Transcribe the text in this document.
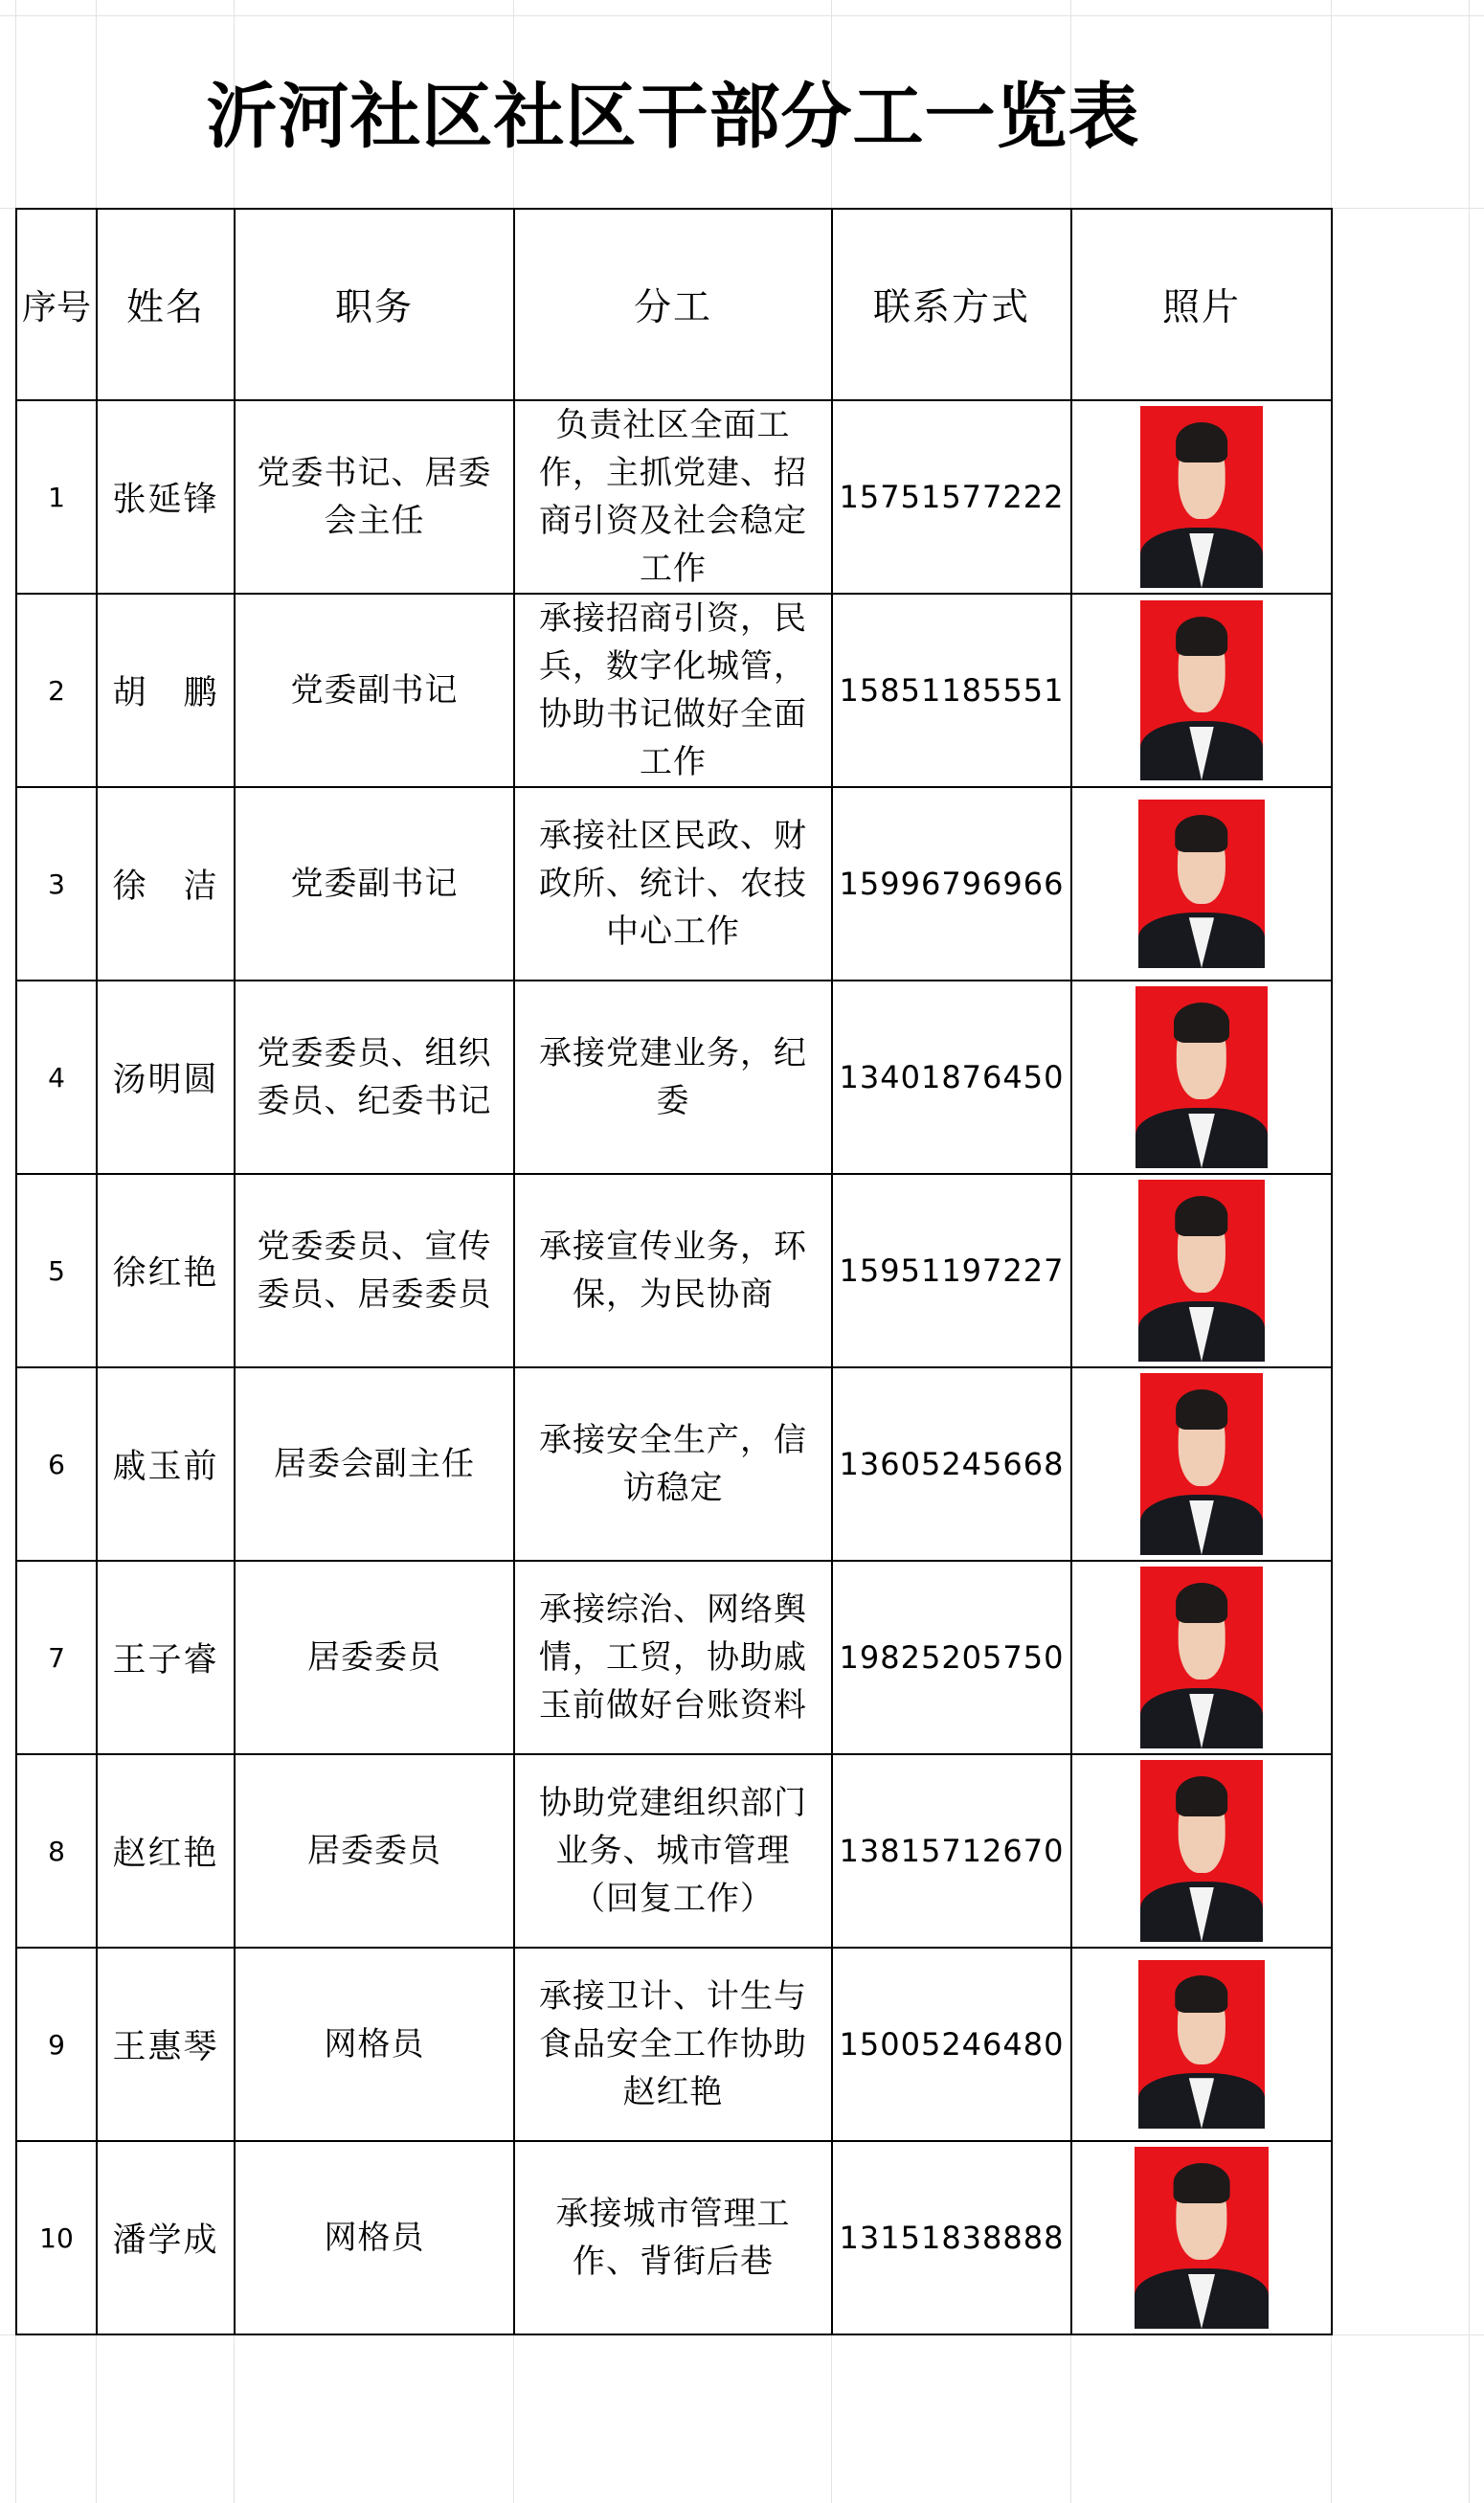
沂河社区社区干部分工一览表
序号	姓名	职务	分工	联系方式	照片
1	张延锋	党委书记、居委会主任	负责社区全面工作，主抓党建、招商引资及社会稳定工作	15751577222	

2	胡　鹏	党委副书记	承接招商引资，民兵，数字化城管，协助书记做好全面工作	15851185551	

3	徐　洁	党委副书记	承接社区民政、财政所、统计、农技中心工作	15996796966	

4	汤明圆	党委委员、组织委员、纪委书记	承接党建业务，纪委	13401876450	

5	徐红艳	党委委员、宣传委员、居委委员	承接宣传业务，环保，为民协商	15951197227	

6	戚玉前	居委会副主任	承接安全生产，信访稳定	13605245668	

7	王子睿	居委委员	承接综治、网络舆情，工贸，协助戚玉前做好台账资料	19825205750	

8	赵红艳	居委委员	协助党建组织部门业务、城市管理（回复工作）	13815712670	

9	王惠琴	网格员	承接卫计、计生与食品安全工作协助赵红艳	15005246480	

10	潘学成	网格员	承接城市管理工作、背街后巷	13151838888	
